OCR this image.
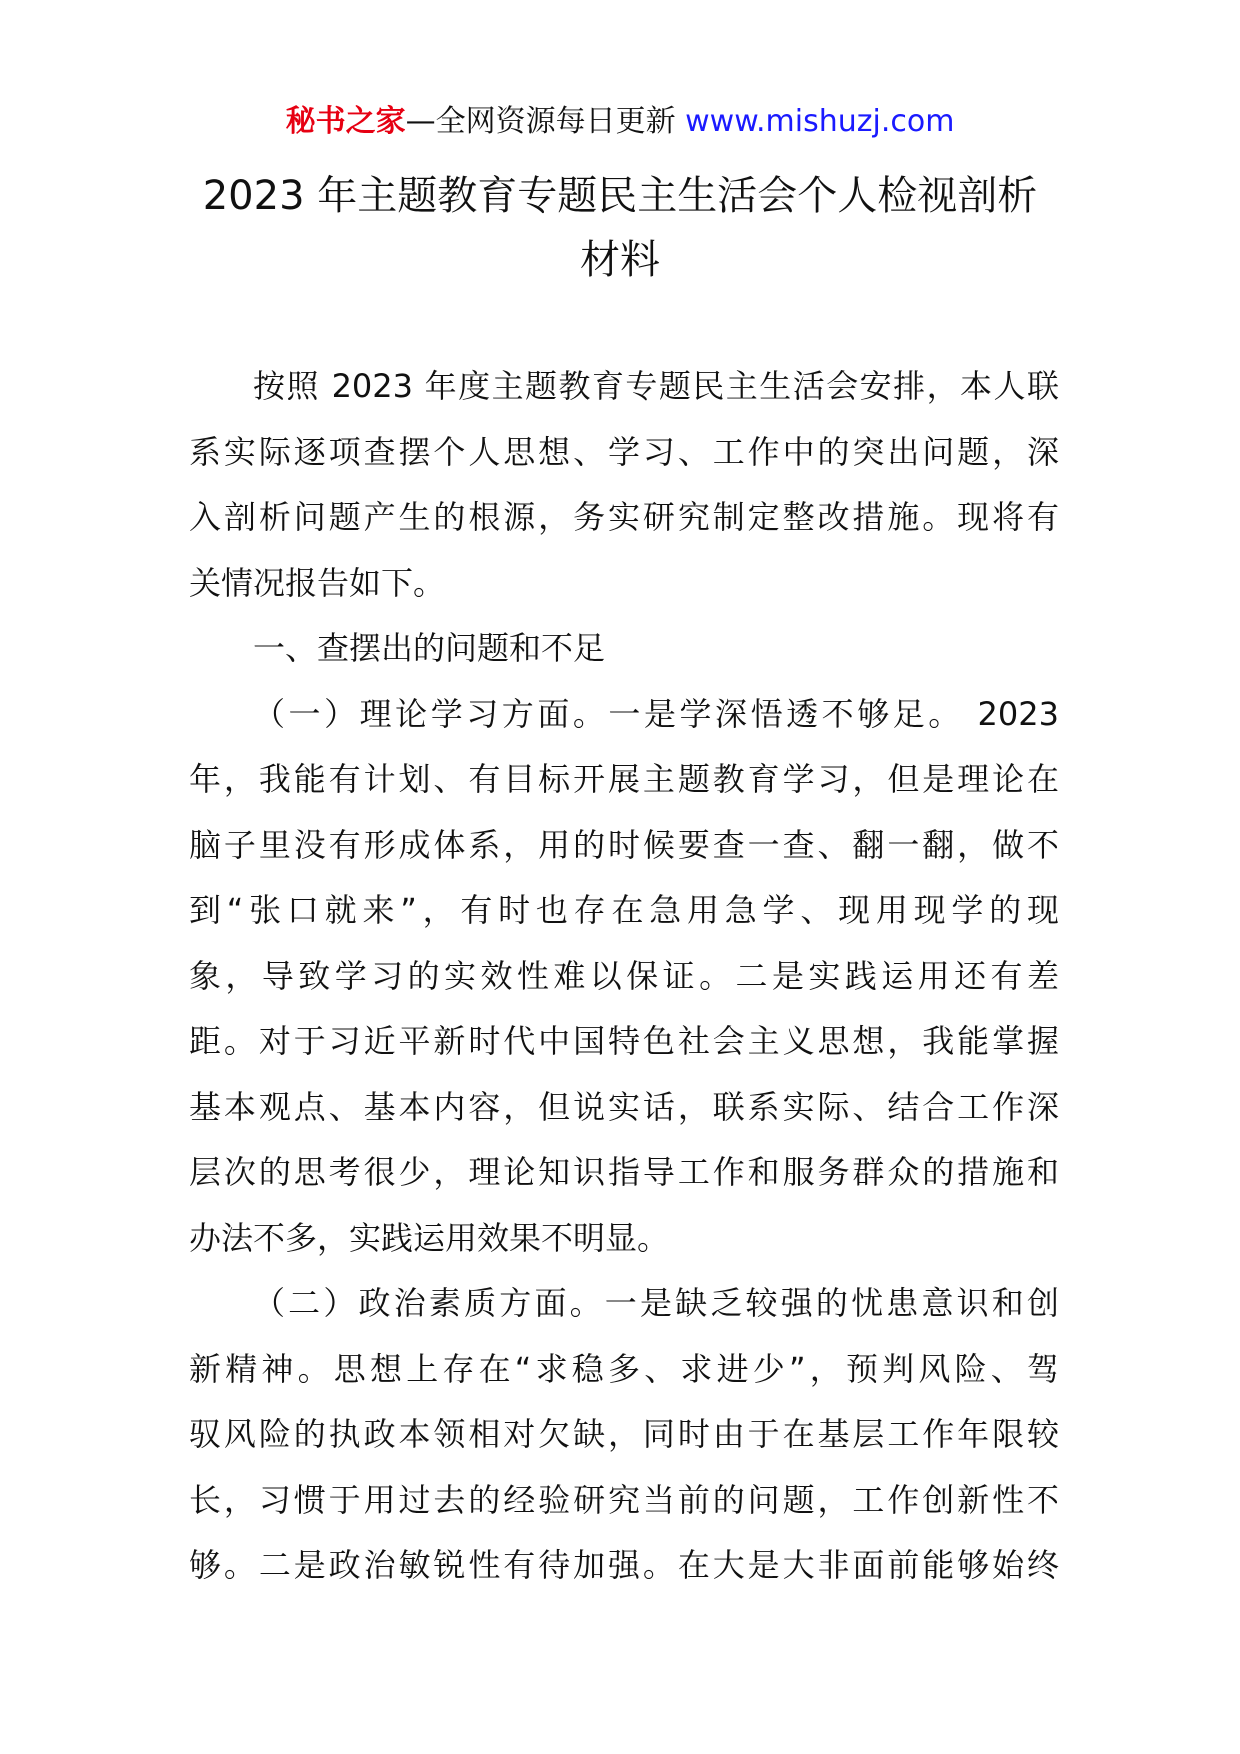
秘书之家—全网资源每日更新 www.mishuzj.com
2023 年主题教育专题民主生活会个人检视剖析
材料
按照 2023 年度主题教育专题民主生活会安排，本人联
系实际逐项查摆个人思想、学习、工作中的突出问题，深
入剖析问题产生的根源，务实研究制定整改措施。现将有
关情况报告如下。
一、查摆出的问题和不足
（一）理论学习方面。一是学深悟透不够足。 2023
年，我能有计划、有目标开展主题教育学习，但是理论在
脑子里没有形成体系，用的时候要查一查、翻一翻，做不
到“张口就来”，有时也存在急用急学、现用现学的现
象，导致学习的实效性难以保证。二是实践运用还有差
距。对于习近平新时代中国特色社会主义思想，我能掌握
基本观点、基本内容，但说实话，联系实际、结合工作深
层次的思考很少，理论知识指导工作和服务群众的措施和
办法不多，实践运用效果不明显。
（二）政治素质方面。一是缺乏较强的忧患意识和创
新精神。思想上存在“求稳多、求进少”，预判风险、驾
驭风险的执政本领相对欠缺，同时由于在基层工作年限较
长，习惯于用过去的经验研究当前的问题，工作创新性不
够。二是政治敏锐性有待加强。在大是大非面前能够始终
